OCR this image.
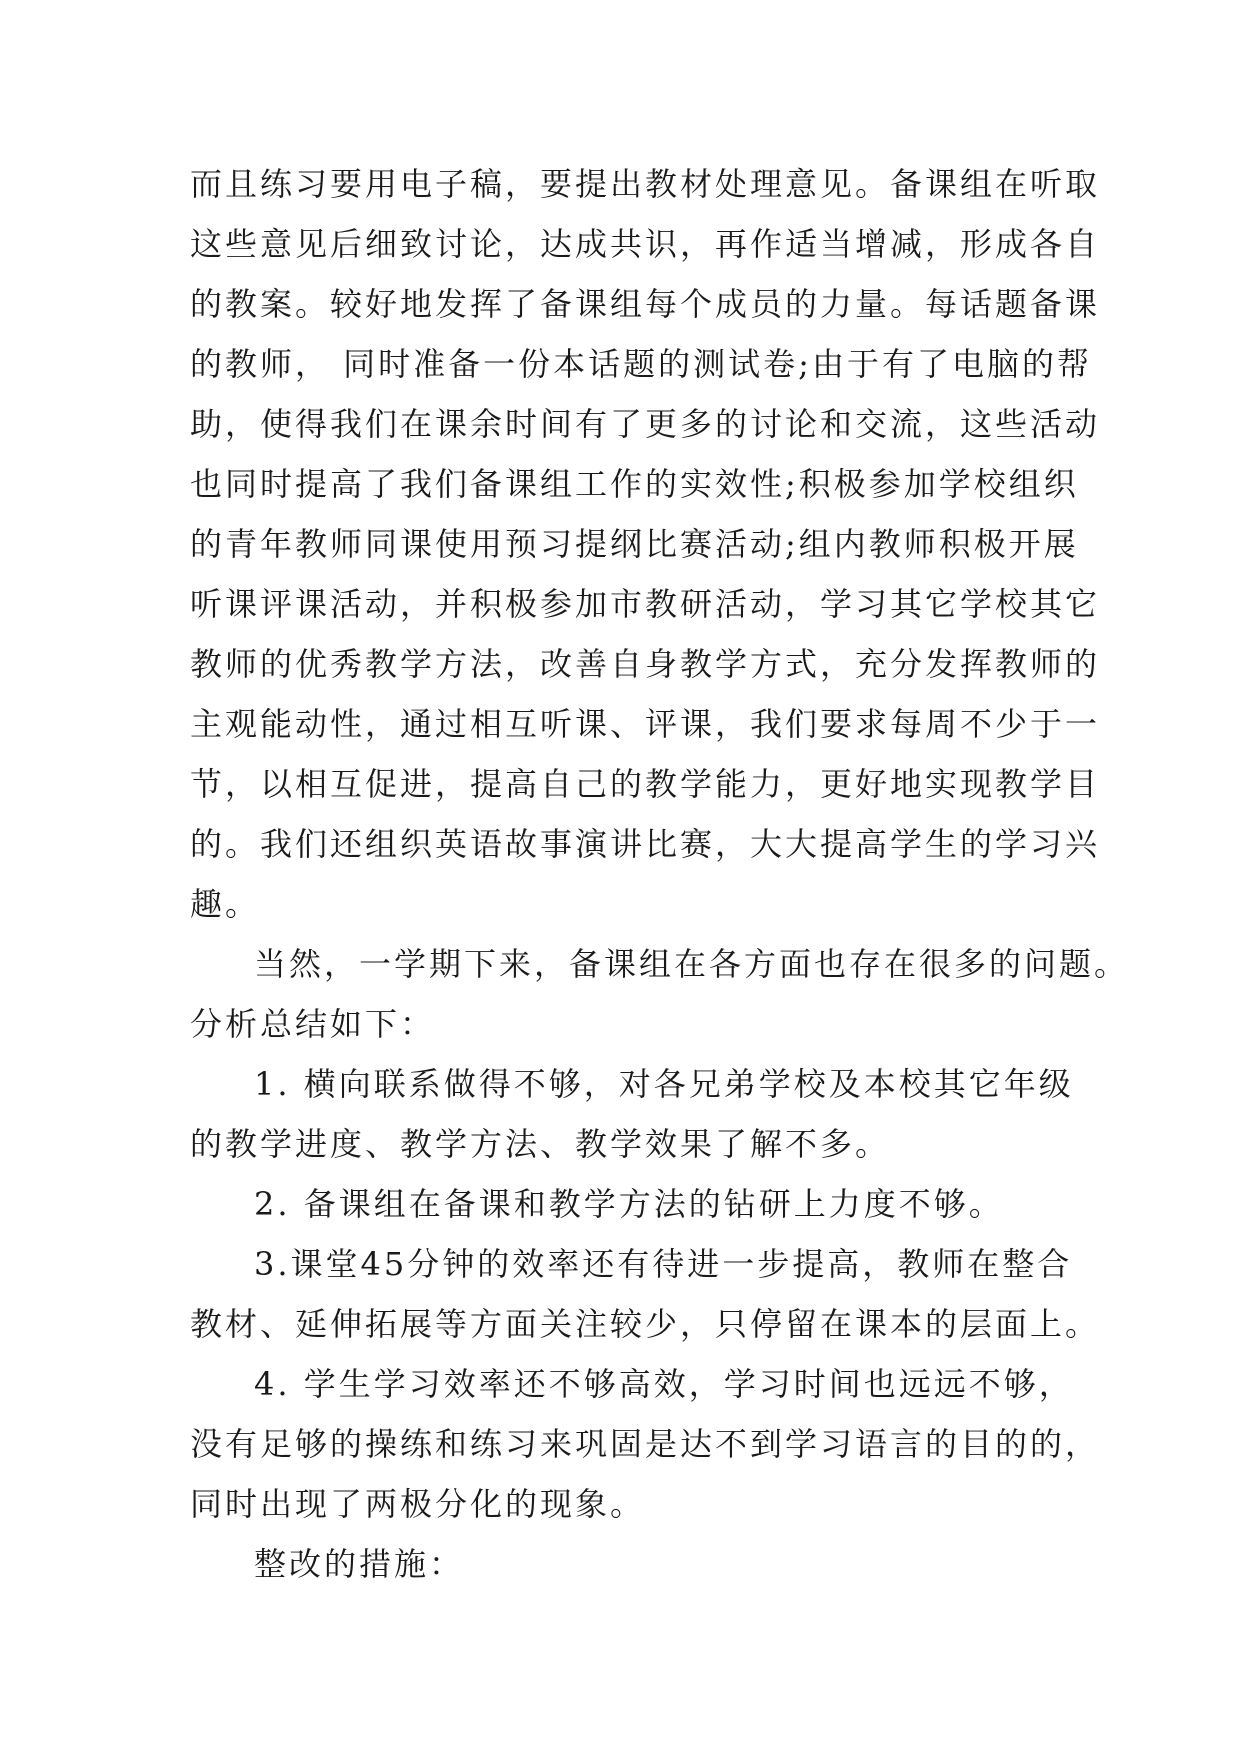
而且练习要用电子稿，要提出教材处理意见。备课组在听取
这些意见后细致讨论，达成共识，再作适当增减，形成各自
的教案。较好地发挥了备课组每个成员的力量。每话题备课
的教师， 同时准备一份本话题的测试卷;由于有了电脑的帮
助，使得我们在课余时间有了更多的讨论和交流，这些活动
也同时提高了我们备课组工作的实效性;积极参加学校组织
的青年教师同课使用预习提纲比赛活动;组内教师积极开展
听课评课活动，并积极参加市教研活动，学习其它学校其它
教师的优秀教学方法，改善自身教学方式，充分发挥教师的
主观能动性，通过相互听课、评课，我们要求每周不少于一
节，以相互促进，提高自己的教学能力，更好地实现教学目
的。我们还组织英语故事演讲比赛，大大提高学生的学习兴
趣。
当然，一学期下来，备课组在各方面也存在很多的问题。
分析总结如下：
1. 横向联系做得不够，对各兄弟学校及本校其它年级
的教学进度、教学方法、教学效果了解不多。
2. 备课组在备课和教学方法的钻研上力度不够。
3.课堂45分钟的效率还有待进一步提高，教师在整合
教材、延伸拓展等方面关注较少，只停留在课本的层面上。
4. 学生学习效率还不够高效，学习时间也远远不够，
没有足够的操练和练习来巩固是达不到学习语言的目的的，
同时出现了两极分化的现象。
整改的措施：
